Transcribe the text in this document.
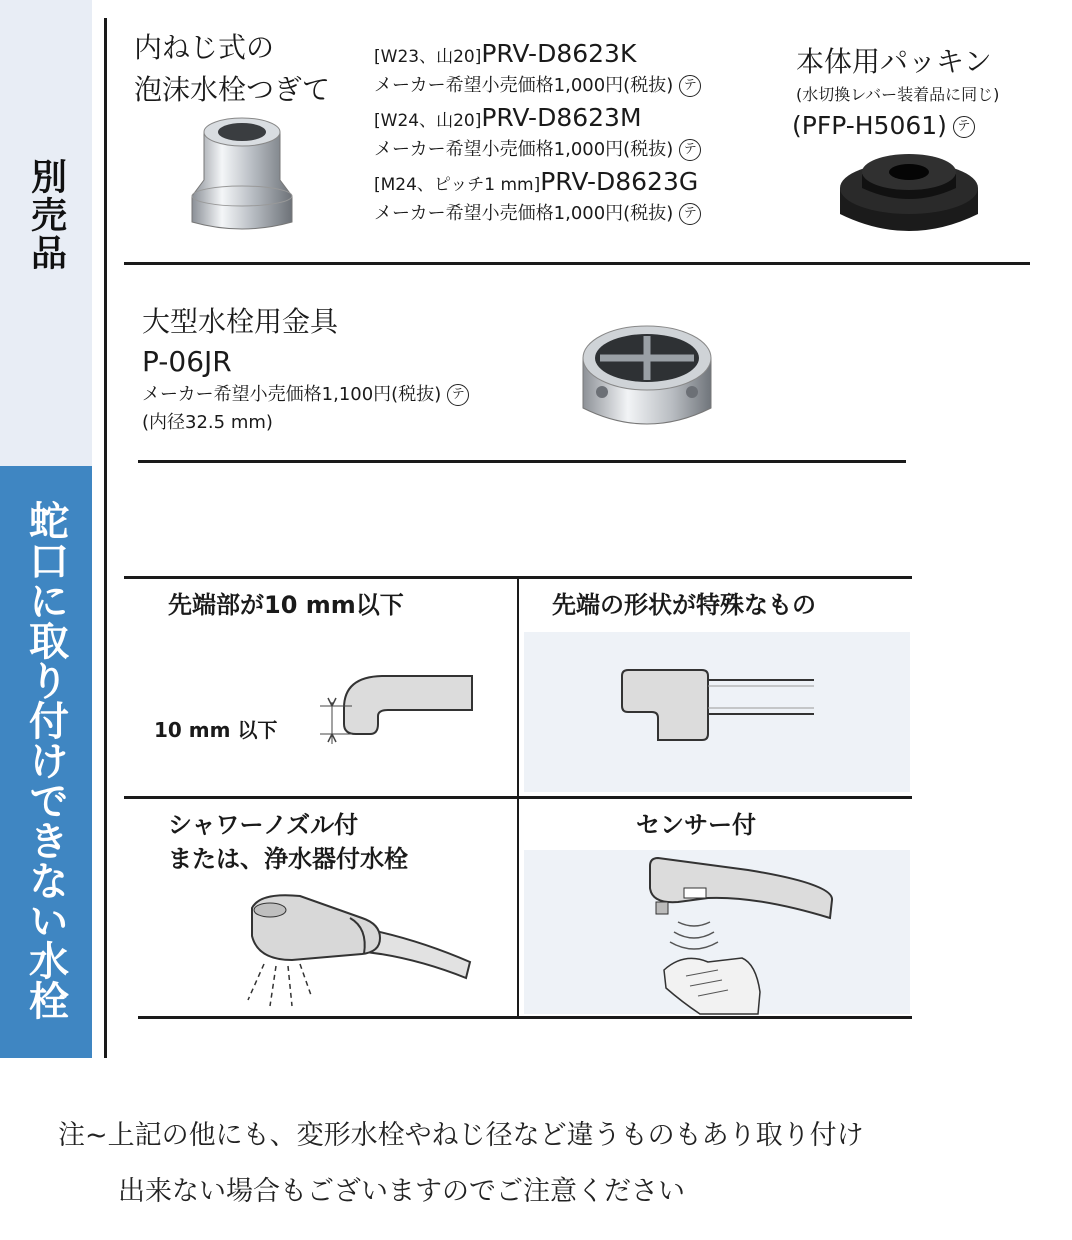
別売品
蛇口に取り付けできない水栓
内ねじ式の
泡沫水栓つぎて
[W23、山20]PRV-D8623K
メーカー希望小売価格1,000円(税抜) テ
[W24、山20]PRV-D8623M
メーカー希望小売価格1,000円(税抜) テ
[M24、ピッチ1 mm]PRV-D8623G
メーカー希望小売価格1,000円(税抜) テ
本体用パッキン
(水切換レバー装着品に同じ)
(PFP-H5061) テ
大型水栓用金具
P-06JR
メーカー希望小売価格1,100円(税抜) テ
(内径32.5 mm)
先端部が10 mm以下
10 mm 以下
先端の形状が特殊なもの
シャワーノズル付
または、浄水器付水栓
センサー付
注~上記の他にも、変形水栓やねじ径など違うものもあり取り付け
出来ない場合もございますのでご注意ください
